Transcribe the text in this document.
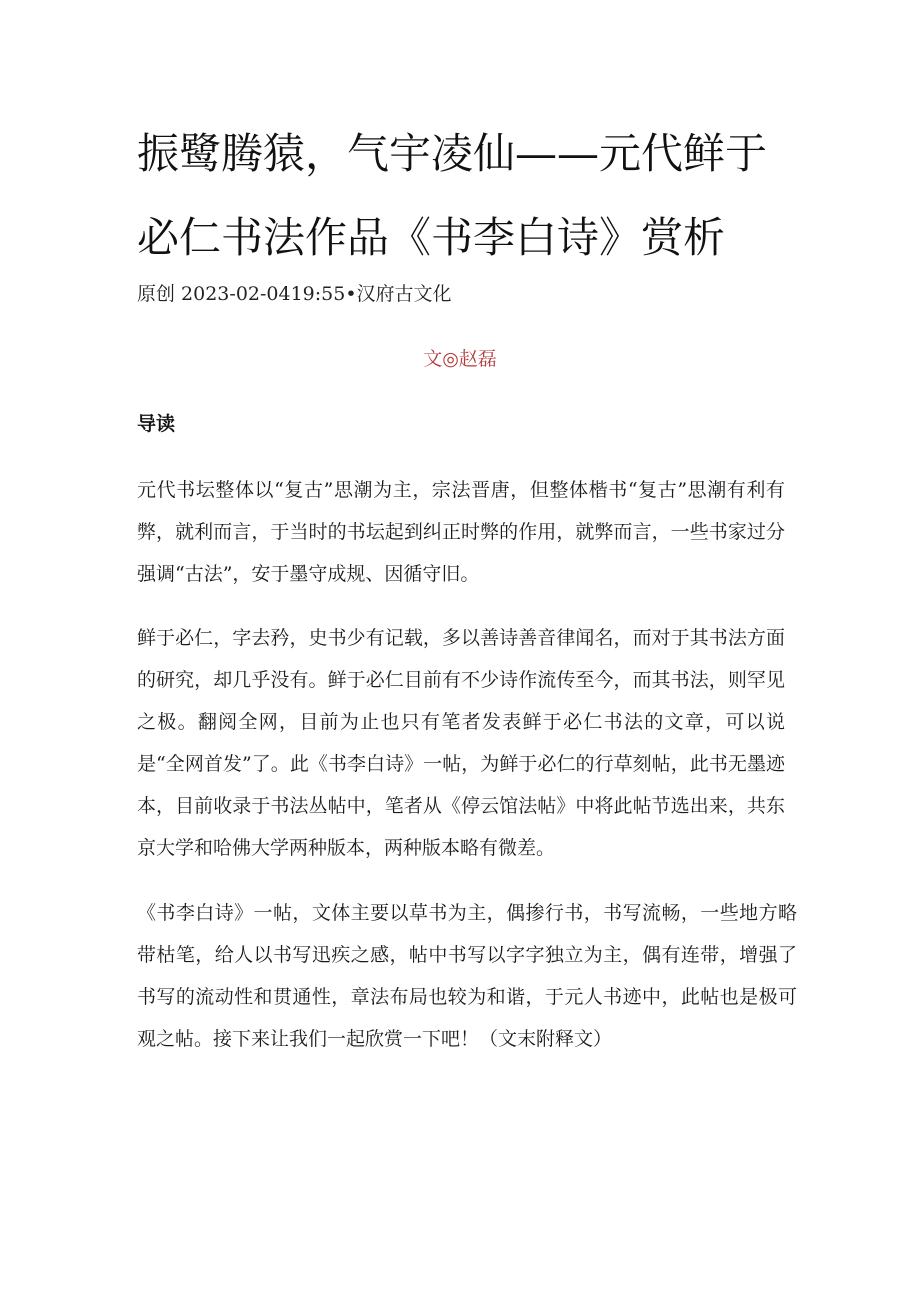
振鹭腾猿，气宇凌仙——元代鲜于必仁书法作品《书李白诗》赏析
原创 2023-02-0419:55•汉府古文化
文◎赵磊
导读

元代书坛整体以“复古”思潮为主，宗法晋唐，但整体楷书“复古”思潮有利有弊，就利而言，于当时的书坛起到纠正时弊的作用，就弊而言，一些书家过分强调“古法”，安于墨守成规、因循守旧。

鲜于必仁，字去矜，史书少有记载，多以善诗善音律闻名，而对于其书法方面的研究，却几乎没有。鲜于必仁目前有不少诗作流传至今，而其书法，则罕见之极。翻阅全网，目前为止也只有笔者发表鲜于必仁书法的文章，可以说是“全网首发”了。此《书李白诗》一帖，为鲜于必仁的行草刻帖，此书无墨迹本，目前收录于书法丛帖中，笔者从《停云馆法帖》中将此帖节选出来，共东京大学和哈佛大学两种版本，两种版本略有微差。

《书李白诗》一帖，文体主要以草书为主，偶掺行书，书写流畅，一些地方略带枯笔，给人以书写迅疾之感，帖中书写以字字独立为主，偶有连带，增强了书写的流动性和贯通性，章法布局也较为和谐，于元人书迹中，此帖也是极可观之帖。接下来让我们一起欣赏一下吧！（文末附释文）
